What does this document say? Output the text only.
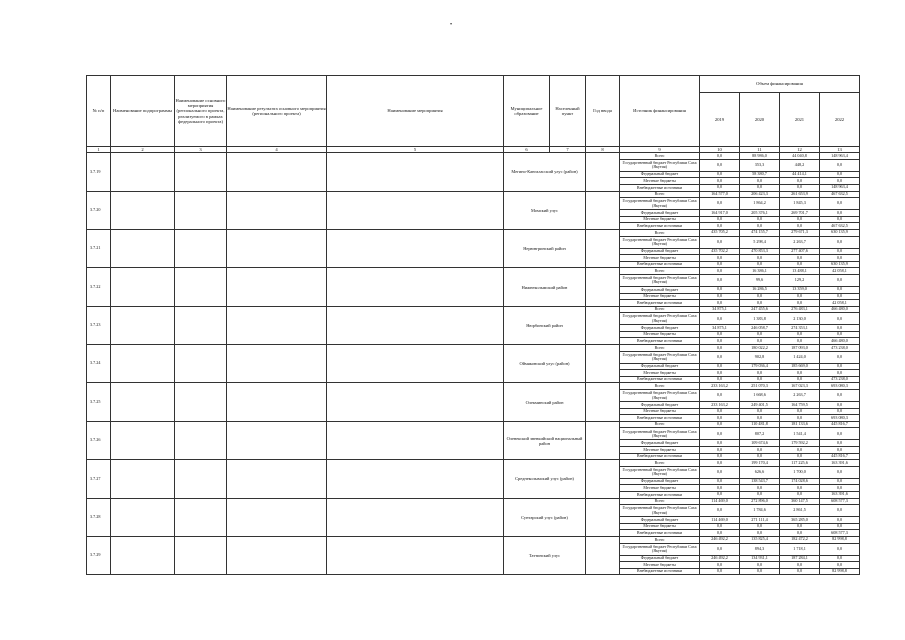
•
№ п/п	Наименование подпрограммы	Наименование основного мероприятия (регионального проекта, реализуемого в рамках федерального проекта)	Наименование результата основного мероприятия (регионального проекта)	Наименование мероприятия	Муниципальное образование	Населенный пункт	Год ввода	Источник финансирования	Объем финансирования			
									2019	2020	2021	2022
1	2	3	4	5	6	7	8	9	10	11	12	13
3.7.19					Мегино-Кангаласский улус (район)			Всего	0,0	88 986,0	44 040,8	148 963,4
								Государственный бюджет Республики Саха (Якутия)	0,0	353,3	448,2	0,0
								Федеральный бюджет	0,0	58 380,7	44 414,1	0,0
								Местные бюджеты	0,0	0,0	0,0	0,0
								Внебюджетные источники	0,0	0,0	0,0	148 963,4
3.7.20					Момский улус			Всего	164 577,0	206 423,3	261 653,9	467 632,5
								Государственный бюджет Республики Саха (Якутия)	0,0	1 864,2	1 845,3	0,0
								Федеральный бюджет	164 917,0	205 376,1	269 701,7	0,0
								Местные бюджеты	0,0	0,0	0,0	0,0
								Внебюджетные источники	0,0	0,0	0,0	467 632,5
3.7.21					Нерюнгринский район			Всего	435 705,2	474 155,7	279 671,3	630 135,9
								Государственный бюджет Республики Саха (Якутия)	0,0	5 298,4	2 263,7	0,0
								Федеральный бюджет	435 702,2	470 853,3	277 407,6	0,0
								Местные бюджеты	0,0	0,0	0,0	0,0
								Внебюджетные источники	0,0	0,0	0,0	630 135,9
3.7.22					Нижнеколымский район			Всего	0,0	16 386,1	13 488,1	42 058,1
								Государственный бюджет Республики Саха (Якутия)	0,0	99,6	129,2	0,0
								Федеральный бюджет	0,0	16 286,5	13 359,0	0,0
								Местные бюджеты	0,0	0,0	0,0	0,0
								Внебюджетные источники	0,0	0,0	0,0	42 058,1
3.7.23					Нюрбинский район			Всего	34 875,1	247 455,6	276 483,1	466 480,0
								Государственный бюджет Республики Саха (Якутия)	0,0	1 383,8	2 130,0	0,0
								Федеральный бюджет	34 875,1	246 058,7	274 353,1	0,0
								Местные бюджеты	0,0	0,0	0,0	0,0
								Внебюджетные источники	0,0	0,0	0,0	466 480,0
3.7.24					Оймяконский улус (район)			Всего	0,0	180 022,2	187 093,0	473 238,0
								Государственный бюджет Республики Саха (Якутия)	0,0	902,8	1 424,0	0,0
								Федеральный бюджет	0,0	179 036,4	185 669,0	0,0
								Местные бюджеты	0,0	0,0	0,0	0,0
								Внебюджетные источники	0,0	0,0	0,0	473 238,0
3.7.25					Олекминский район			Всего	233 163,2	251 070,3	167 023,3	693 080,3
								Государственный бюджет Республики Саха (Якутия)	0,0	1 668,6	2 263,7	0,0
								Федеральный бюджет	233 163,2	249 401,5	164 759,5	0,0
								Местные бюджеты	0,0	0,0	0,0	0,0
								Внебюджетные источники	0,0	0,0	0,0	693 080,3
3.7.26					Оленекский эвенкийский национальный район			Всего	0,0	110 481,8	181 133,6	445 816,7
								Государственный бюджет Республики Саха (Якутия)	0,0	807,2	1 541,4	0,0
								Федеральный бюджет	0,0	109 674,6	179 592,2	0,0
								Местные бюджеты	0,0	0,0	0,0	0,0
								Внебюджетные источники	0,0	0,0	0,0	445 816,7
3.7.27					Среднеколымский улус (район)			Всего	0,0	199 170,4	117 225,6	163 391,6
								Государственный бюджет Республики Саха (Якутия)	0,0	626,6	1 700,0	0,0
								Федеральный бюджет	0,0	138 543,7	174 028,6	0,0
								Местные бюджеты	0,0	0,0	0,0	0,0
								Внебюджетные источники	0,0	0,0	0,0	163 391,6
3.7.28					Сунтарский улус (район)			Всего	114 469,0	272 896,0	360 147,5	608 577,3
								Государственный бюджет Республики Саха (Якутия)	0,0	1 784,6	2 861,5	0,0
								Федеральный бюджет	114 469,0	271 111,4	365 285,0	0,0
								Местные бюджеты	0,0	0,0	0,0	0,0
								Внебюджетные источники	0,0	0,0	0,0	608 577,3
3.7.29					Таттинский улус			Всего	246 492,2	135 825,4	182 472,2	82 998,8
								Государственный бюджет Республики Саха (Якутия)	0,0	894,3	1 718,1	0,0
								Федеральный бюджет	246 492,2	134 931,1	187 284,1	0,0
								Местные бюджеты	0,0	0,0	0,0	0,0
								Внебюджетные источники	0,0	0,0	0,0	82 998,8
